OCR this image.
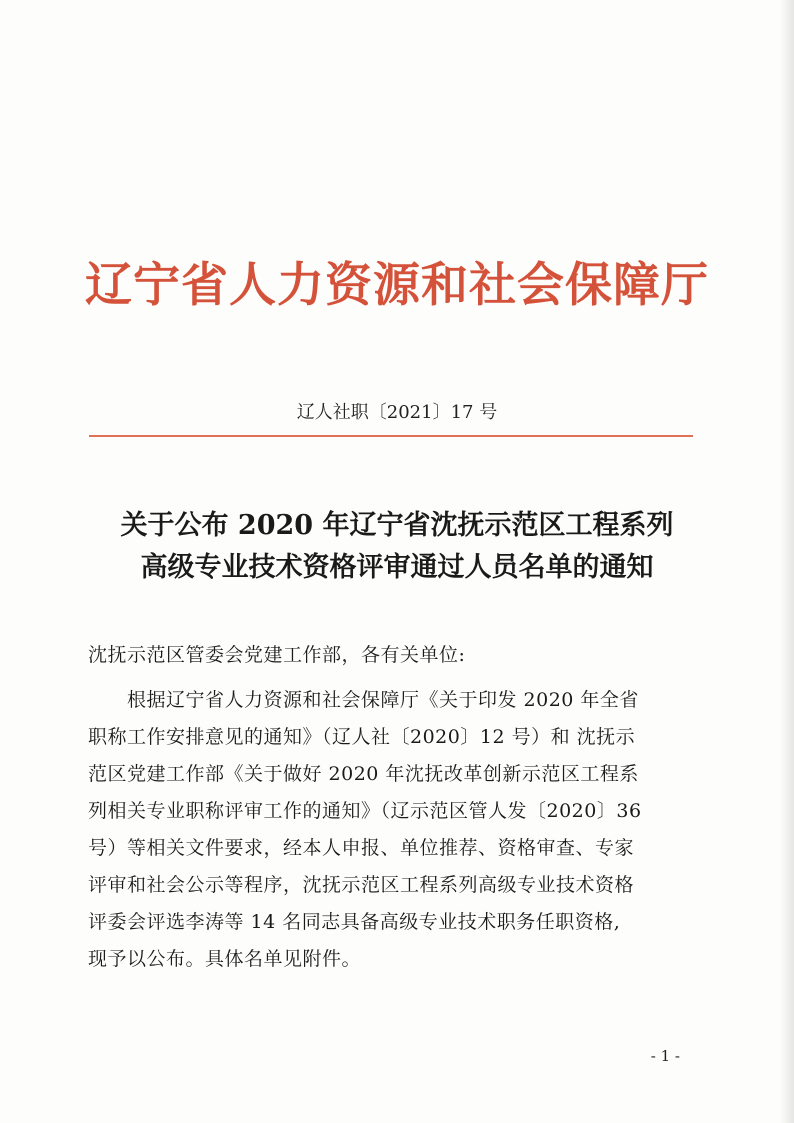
辽宁省人力资源和社会保障厅
辽人社职〔2021〕17 号
关于公布 2020 年辽宁省沈抚示范区工程系列
高级专业技术资格评审通过人员名单的通知
沈抚示范区管委会党建工作部，各有关单位:
　　根据辽宁省人力资源和社会保障厅《关于印发 2020 年全省
职称工作安排意见的通知》（辽人社〔2020〕12 号）和 沈抚示
范区党建工作部《关于做好 2020 年沈抚改革创新示范区工程系
列相关专业职称评审工作的通知》（辽示范区管人发〔2020〕36
号）等相关文件要求，经本人申报、单位推荐、资格审查、专家
评审和社会公示等程序，沈抚示范区工程系列高级专业技术资格
评委会评选李涛等 14 名同志具备高级专业技术职务任职资格,
现予以公布。具体名单见附件。
- 1 -
